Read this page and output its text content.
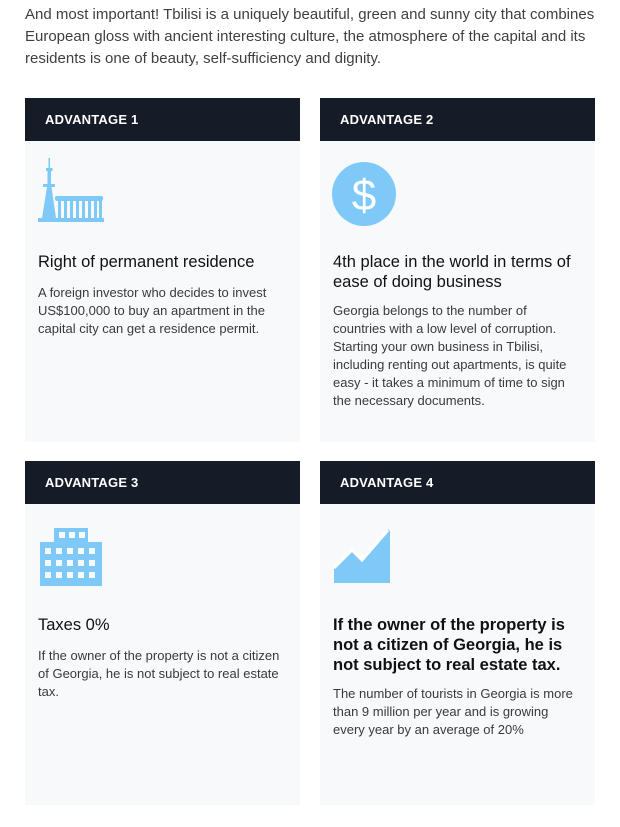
And most important! Tbilisi is a uniquely beautiful, green and sunny city that combines European gloss with ancient interesting culture, the atmosphere of the capital and its residents is one of beauty, self-sufficiency and dignity.

ADVANTAGE 1

Right of permanent residence

A foreign investor who decides to invest US$100,000 to buy an apartment in the capital city can get a residence permit.

ADVANTAGE 2
$

4th place in the world in terms of ease of doing business

Georgia belongs to the number of countries with a low level of corruption. Starting your own business in Tbilisi, including renting out apartments, is quite easy - it takes a minimum of time to sign the necessary documents.

ADVANTAGE 3

Taxes 0%

If the owner of the property is not a citizen of Georgia, he is not subject to real estate tax.

ADVANTAGE 4

If the owner of the property is not a citizen of Georgia, he is not subject to real estate tax.

The number of tourists in Georgia is more than 9 million per year and is growing every year by an average of 20%
